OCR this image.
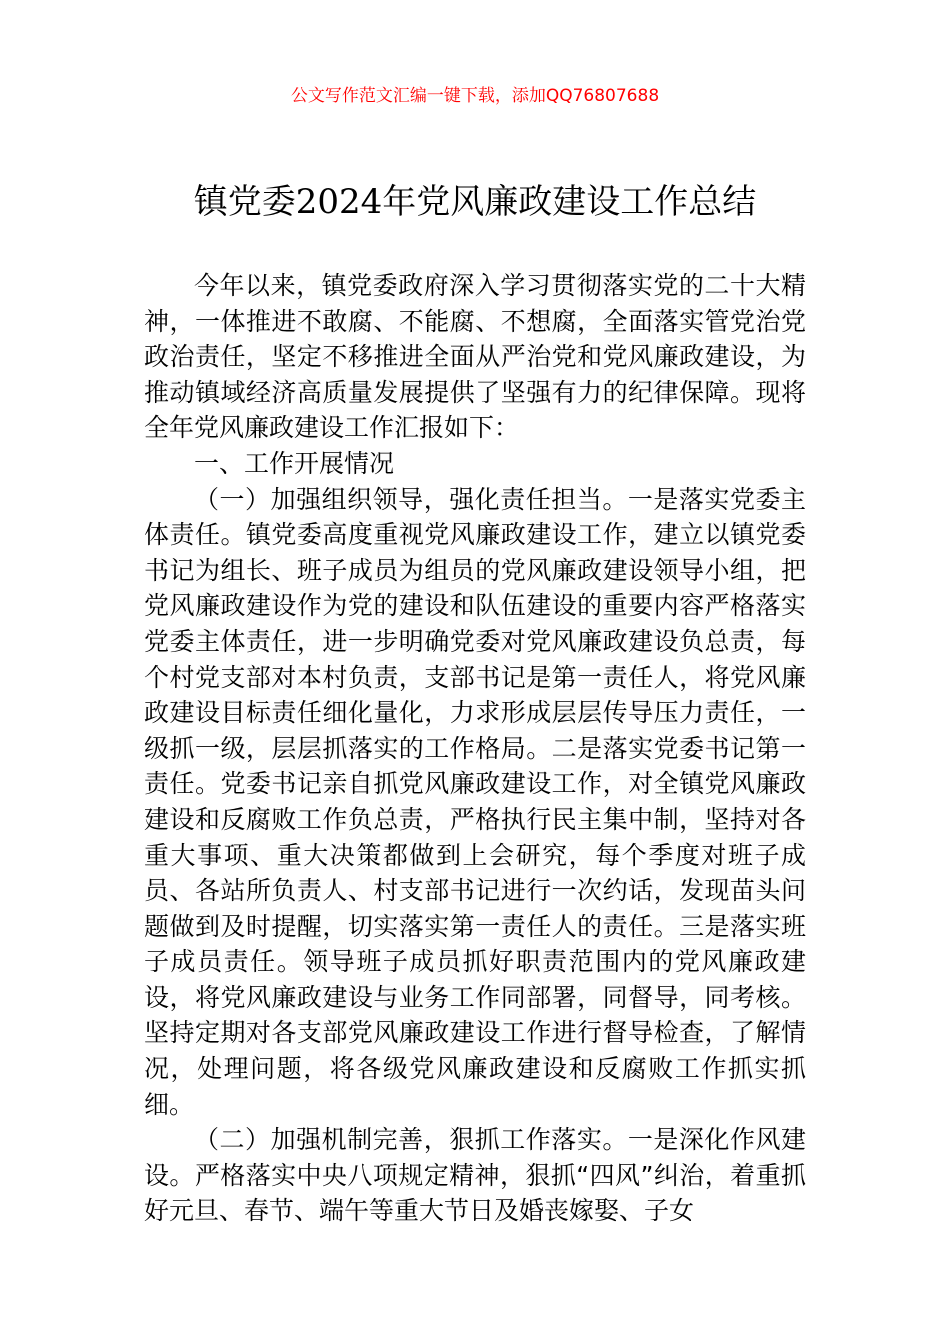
公文写作范文汇编一键下载，添加QQ76807688
镇党委2024年党风廉政建设工作总结

今年以来，镇党委政府深入学习贯彻落实党的二十大精神，一体推进不敢腐、不能腐、不想腐，全面落实管党治党政治责任，坚定不移推进全面从严治党和党风廉政建设，为推动镇域经济高质量发展提供了坚强有力的纪律保障。现将全年党风廉政建设工作汇报如下：

一、工作开展情况

（一）加强组织领导，强化责任担当。一是落实党委主体责任。镇党委高度重视党风廉政建设工作，建立以镇党委书记为组长、班子成员为组员的党风廉政建设领导小组，把党风廉政建设作为党的建设和队伍建设的重要内容严格落实党委主体责任，进一步明确党委对党风廉政建设负总责，每个村党支部对本村负责，支部书记是第一责任人，将党风廉政建设目标责任细化量化，力求形成层层传导压力责任，一级抓一级，层层抓落实的工作格局。二是落实党委书记第一责任。党委书记亲自抓党风廉政建设工作，对全镇党风廉政建设和反腐败工作负总责，严格执行民主集中制，坚持对各重大事项、重大决策都做到上会研究，每个季度对班子成员、各站所负责人、村支部书记进行一次约话，发现苗头问题做到及时提醒，切实落实第一责任人的责任。三是落实班子成员责任。领导班子成员抓好职责范围内的党风廉政建设，将党风廉政建设与业务工作同部署，同督导，同考核。坚持定期对各支部党风廉政建设工作进行督导检查，了解情况，处理问题，将各级党风廉政建设和反腐败工作抓实抓细。

（二）加强机制完善，狠抓工作落实。一是深化作风建设。严格落实中央八项规定精神，狠抓“四风”纠治，着重抓好元旦、春节、端午等重大节日及婚丧嫁娶、子女
